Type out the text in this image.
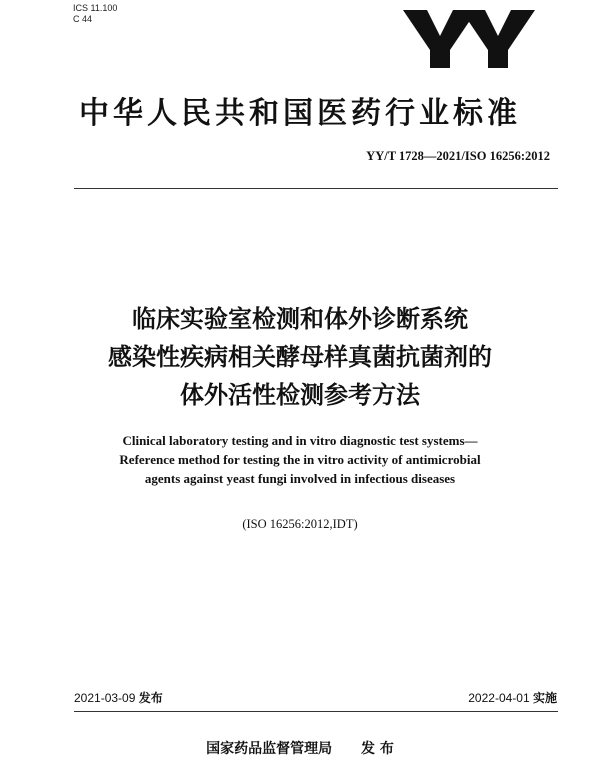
ICS 11.100
C 44
中华人民共和国医药行业标准
YY/T 1728—2021/ISO 16256:2012
临床实验室检测和体外诊断系统
感染性疾病相关酵母样真菌抗菌剂的
体外活性检测参考方法
Clinical laboratory testing and in vitro diagnostic test systems—
Reference method for testing the in vitro activity of antimicrobial
agents against yeast fungi involved in infectious diseases
(ISO 16256:2012,IDT)
2021-03-09 发布	2022-04-01 实施
国家药品监督管理局 发 布
